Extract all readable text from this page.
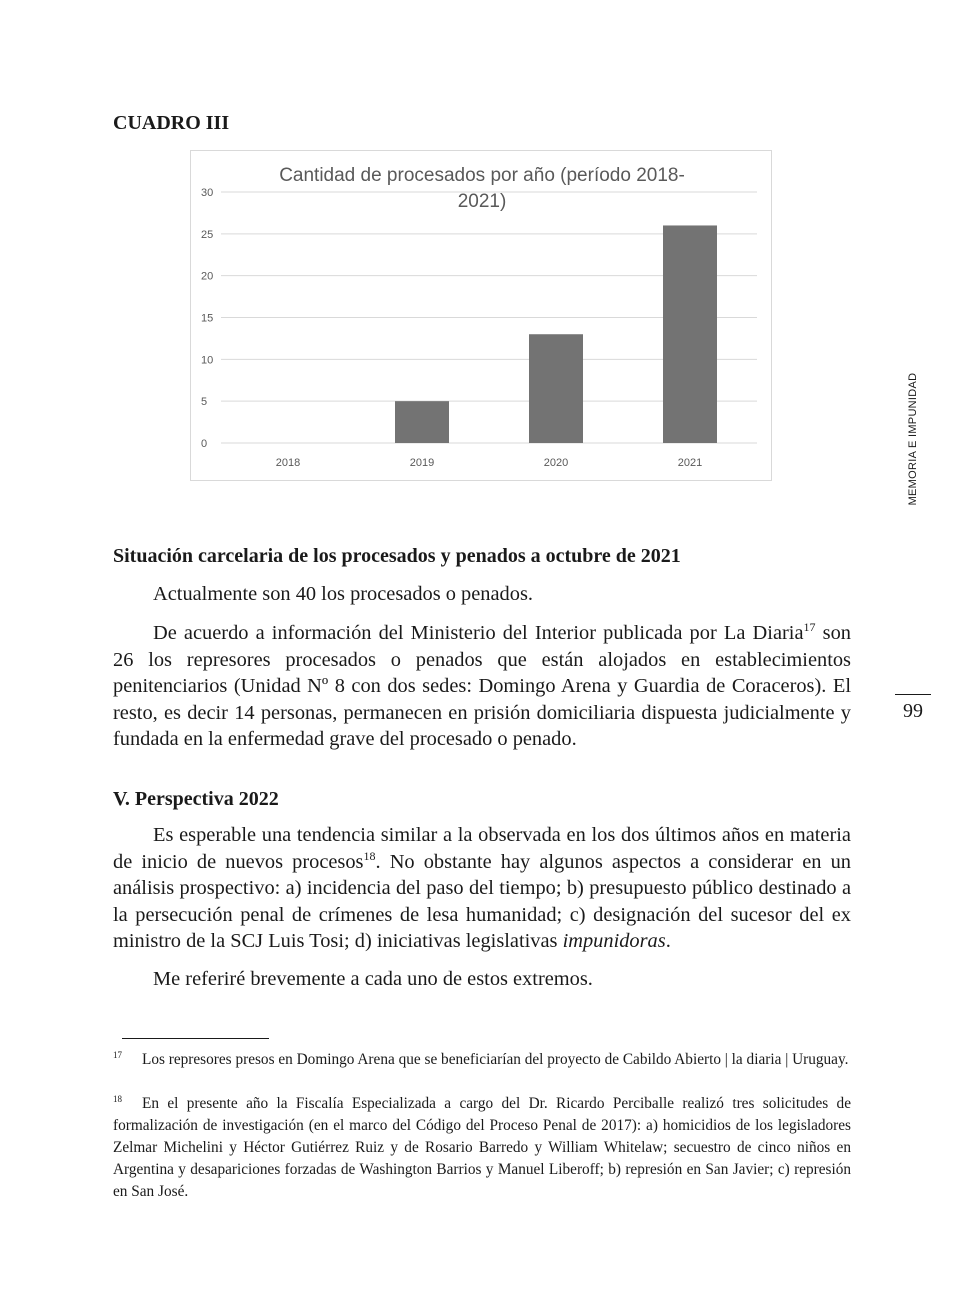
CUADRO III
0
5
10
15
20
25
30
2018	2019	2020	2021
Cantidad de procesados por año (período 2018-
2021)
Situación carcelaria de los procesados y penados a octubre de 2021
Actualmente son 40 los procesados o penados.
De acuerdo a información del Ministerio del Interior publicada por La Diaria$^{17}$ son 26 los represores procesados o penados que están alojados en establecimientos penitenciarios (Unidad Nº 8 con dos sedes: Domingo Arena y Guardia de Coraceros). El resto, es decir 14 personas, permanecen en prisión domiciliaria dispuesta judicialmente y fundada en la enfermedad grave del procesado o penado.
V. Perspectiva 2022
Es esperable una tendencia similar a la observada en los dos últimos años en materia de inicio de nuevos procesos$^{18}$. No obstante hay algunos aspectos a considerar en un análisis prospectivo: a) incidencia del paso del tiempo; b) presupuesto público destinado a la persecución penal de crímenes de lesa humanidad; c) designación del sucesor del ex ministro de la SCJ Luis Tosi; d) iniciativas legislativas impunidoras.
Me referiré brevemente a cada uno de estos extremos.
MEMORIA E IMPUNIDAD
99
$^{17}$ Los represores presos en Domingo Arena que se beneficiarían del proyecto de Cabildo Abierto | la diaria | Uruguay.
$^{18}$ En el presente año la Fiscalía Especializada a cargo del Dr. Ricardo Perciballe realizó tres solicitudes de formalización de investigación (en el marco del Código del Proceso Penal de 2017): a) homicidios de los legisladores Zelmar Michelini y Héctor Gutiérrez Ruiz y de Rosario Barredo y William Whitelaw; secuestro de cinco niños en Argentina y desapariciones forzadas de Washington Barrios y Manuel Liberoff; b) represión en San Javier; c) represión en San José.
